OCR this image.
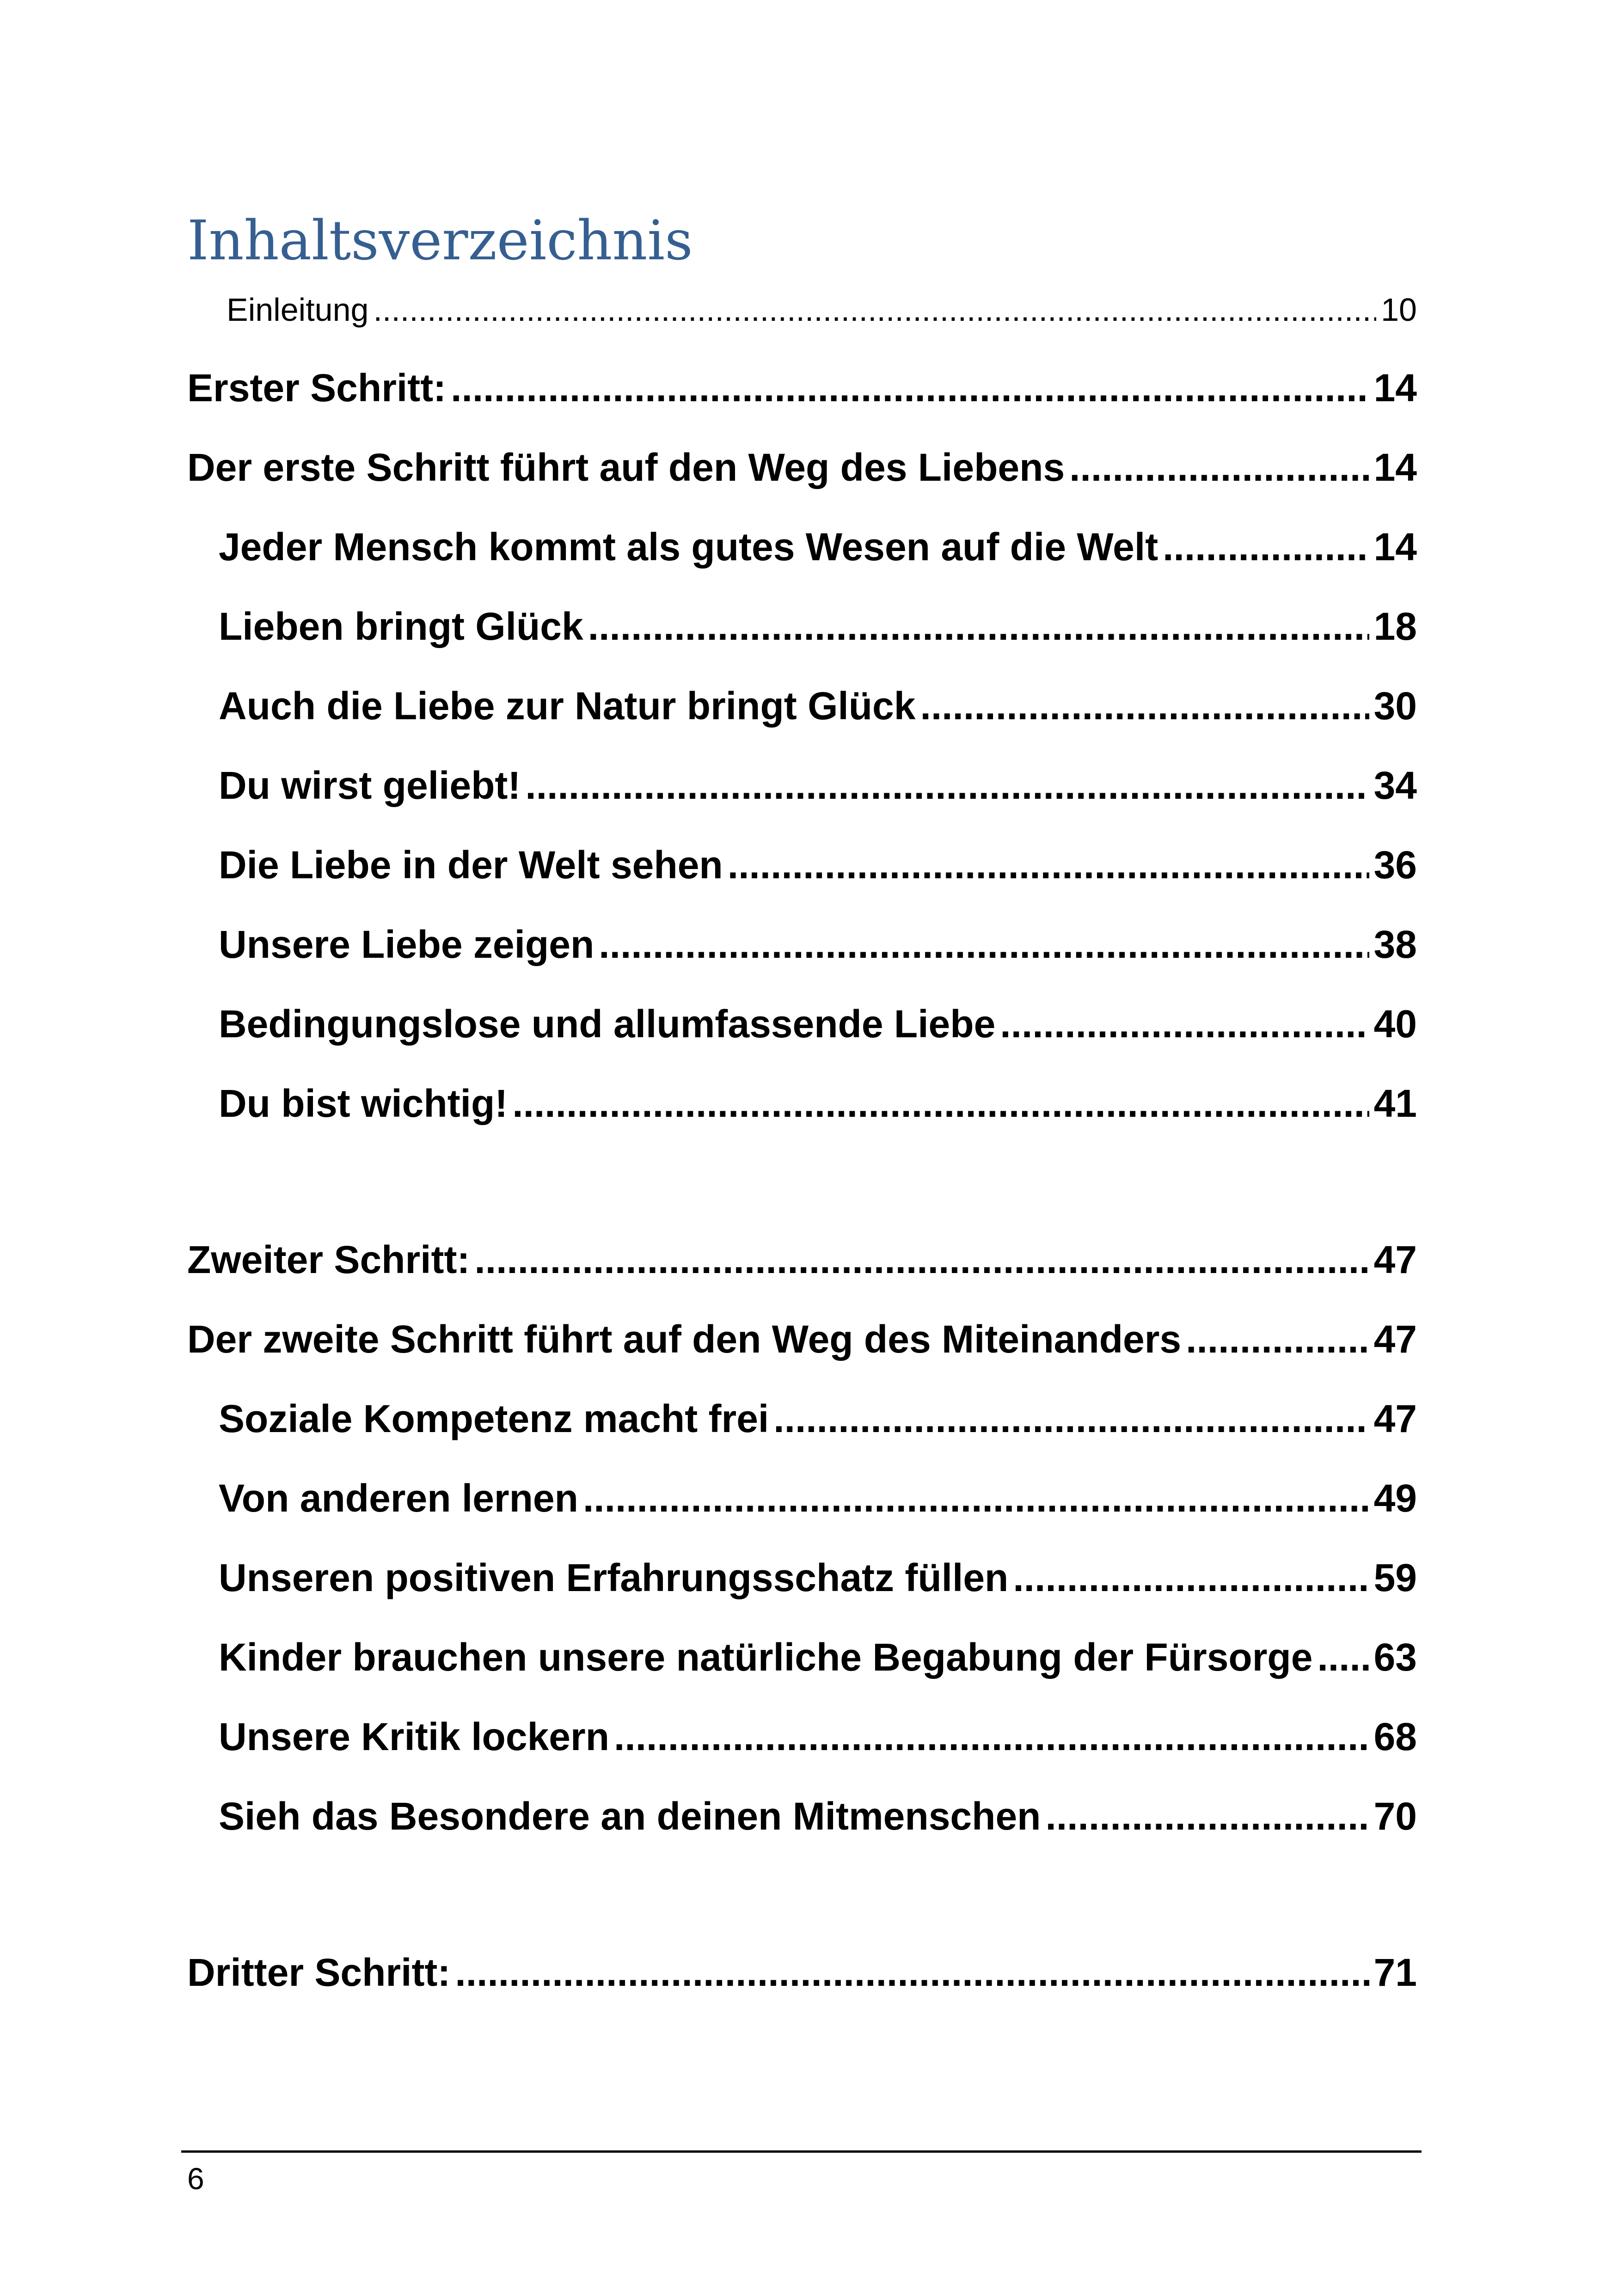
Inhaltsverzeichnis
Einleitung .....	10
Erster Schritt: .....	14
Der erste Schritt führt auf den Weg des Liebens .....	14
Jeder Mensch kommt als gutes Wesen auf die Welt .....	14
Lieben bringt Glück .....	18
Auch die Liebe zur Natur bringt Glück .....	30
Du wirst geliebt! .....	34
Die Liebe in der Welt sehen .....	36
Unsere Liebe zeigen .....	38
Bedingungslose und allumfassende Liebe .....	40
Du bist wichtig! .....	41
Zweiter Schritt: .....	47
Der zweite Schritt führt auf den Weg des Miteinanders .....	47
Soziale Kompetenz macht frei .....	47
Von anderen lernen .....	49
Unseren positiven Erfahrungsschatz füllen .....	59
Kinder brauchen unsere natürliche Begabung der Fürsorge ..... 63
Unsere Kritik lockern .....	68
Sieh das Besondere an deinen Mitmenschen .....	70
Dritter Schritt: .....	71
6
